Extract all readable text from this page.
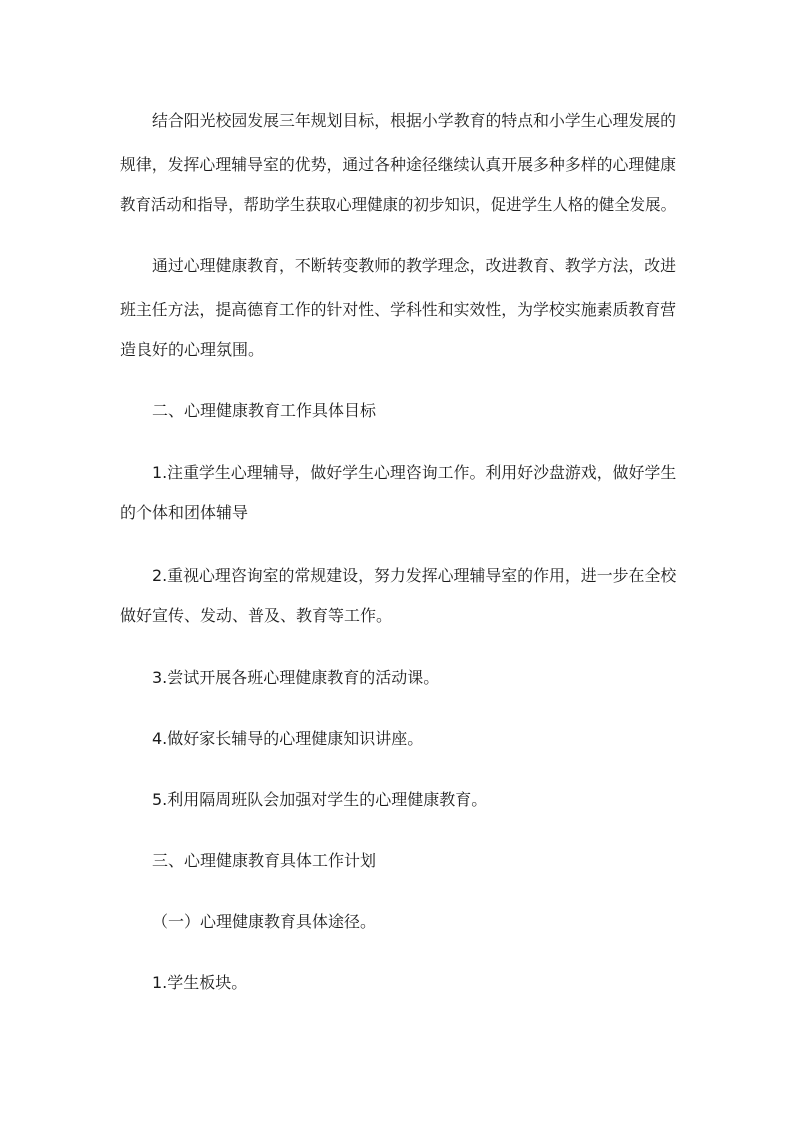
结合阳光校园发展三年规划目标，根据小学教育的特点和小学生心理发展的
规律，发挥心理辅导室的优势，通过各种途径继续认真开展多种多样的心理健康
教育活动和指导，帮助学生获取心理健康的初步知识，促进学生人格的健全发展。
通过心理健康教育，不断转变教师的教学理念，改进教育、教学方法，改进
班主任方法，提高德育工作的针对性、学科性和实效性，为学校实施素质教育营
造良好的心理氛围。
二、心理健康教育工作具体目标
1.注重学生心理辅导，做好学生心理咨询工作。利用好沙盘游戏，做好学生
的个体和团体辅导
2.重视心理咨询室的常规建设，努力发挥心理辅导室的作用，进一步在全校
做好宣传、发动、普及、教育等工作。
3.尝试开展各班心理健康教育的活动课。
4.做好家长辅导的心理健康知识讲座。
5.利用隔周班队会加强对学生的心理健康教育。
三、心理健康教育具体工作计划
（一）心理健康教育具体途径。
1.学生板块。
